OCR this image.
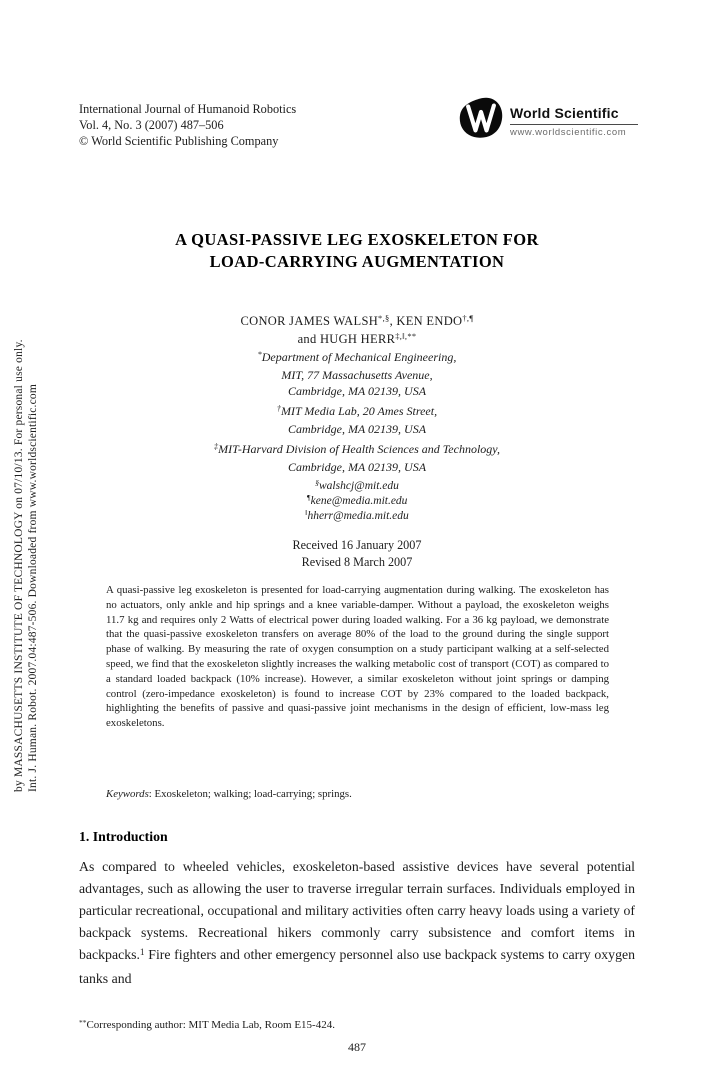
by MASSACHUSETTS INSTITUTE OF TECHNOLOGY on 07/10/13. For personal use only. Int. J. Human. Robot. 2007.04:487-506. Downloaded from www.worldscientific.com
International Journal of Humanoid Robotics
Vol. 4, No. 3 (2007) 487–506
© World Scientific Publishing Company
World Scientific
www.worldscientific.com
A QUASI-PASSIVE LEG EXOSKELETON FOR
LOAD-CARRYING AUGMENTATION
CONOR JAMES WALSH*,§, KEN ENDO†,¶
and HUGH HERR‡,‖,**
*Department of Mechanical Engineering,
MIT, 77 Massachusetts Avenue,
Cambridge, MA 02139, USA
†MIT Media Lab, 20 Ames Street,
Cambridge, MA 02139, USA
‡MIT-Harvard Division of Health Sciences and Technology,
Cambridge, MA 02139, USA
§walshcj@mit.edu
¶kene@media.mit.edu
‖hherr@media.mit.edu
Received 16 January 2007
Revised 8 March 2007
A quasi-passive leg exoskeleton is presented for load-carrying augmentation during walking. The exoskeleton has no actuators, only ankle and hip springs and a knee variable-damper. Without a payload, the exoskeleton weighs 11.7 kg and requires only 2 Watts of electrical power during loaded walking. For a 36 kg payload, we demonstrate that the quasi-passive exoskeleton transfers on average 80% of the load to the ground during the single support phase of walking. By measuring the rate of oxygen consumption on a study participant walking at a self-selected speed, we find that the exoskeleton slightly increases the walking metabolic cost of transport (COT) as compared to a standard loaded backpack (10% increase). However, a similar exoskeleton without joint springs or damping control (zero-impedance exoskeleton) is found to increase COT by 23% compared to the loaded backpack, highlighting the benefits of passive and quasi-passive joint mechanisms in the design of efficient, low-mass leg exoskeletons.
Keywords: Exoskeleton; walking; load-carrying; springs.
1. Introduction
As compared to wheeled vehicles, exoskeleton-based assistive devices have several potential advantages, such as allowing the user to traverse irregular terrain surfaces. Individuals employed in particular recreational, occupational and military activities often carry heavy loads using a variety of backpack systems. Recreational hikers commonly carry subsistence and comfort items in backpacks.$^1$ Fire fighters and other emergency personnel also use backpack systems to carry oxygen tanks and
**Corresponding author: MIT Media Lab, Room E15-424.
487
